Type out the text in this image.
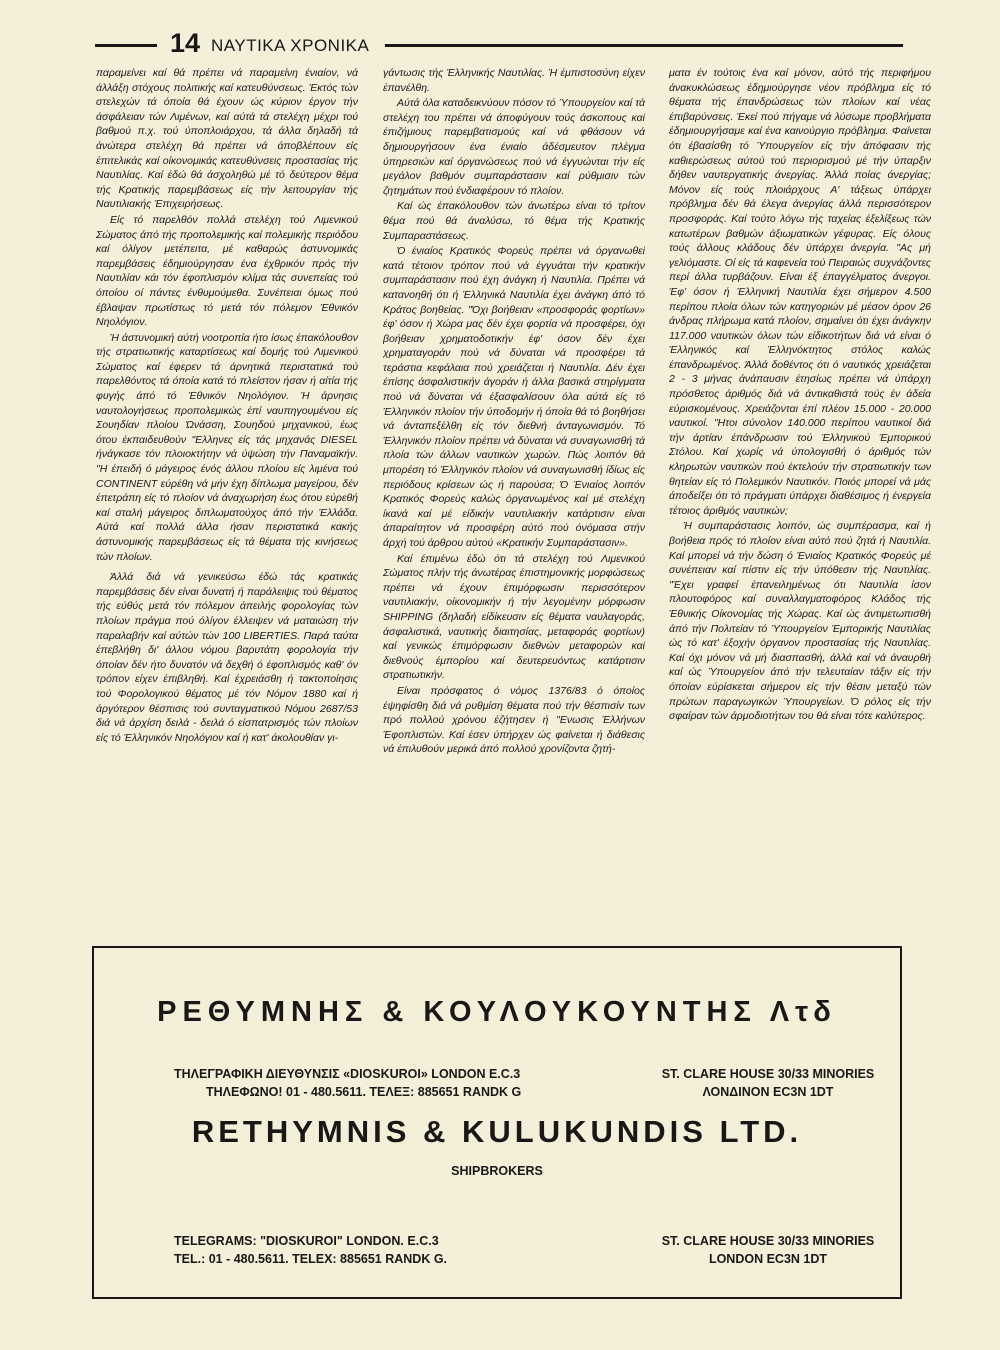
14 ΝΑΥΤΙΚΑ ΧΡΟΝΙΚΑ

παραμείνει καί θά πρέπει νά παραμείνη ένιαίον, νά άλλάξη στόχους πολιτικής καί κατευθύνσεως. Έκτός τών στελεχών τά όποία θά έχουν ώς κύριον έργον τήν άσφάλειαν τών Λιμένων, καί αύτά τά στελέχη μέχρι τού βαθμού π.χ. τού ύποπλοιάρχου, τά άλλα δηλαδή τά άνώτερα στελέχη θά πρέπει νά άποβλέπουν είς έπιτελικάς καί οίκονομικάς κατευθύνσεις προστασίας τής Ναυτιλίας. Καί έδώ θά άσχοληθώ μέ τό δεύτερον θέμα τής Κρατικής παρεμβάσεως είς τήν λειτουργίαν τής Ναυτιλιακής Έπιχειρήσεως.

Είς τό παρελθόν πολλά στελέχη τού Λιμενικού Σώματος άπό τής προπολεμικής καί πολεμικής περιόδου καί όλίγον μετέπειτα, μέ καθαρώς άστυνομικάς παρεμβάσεις έδημιούργησαν ένα έχθρικόν πρός τήν Ναυτιλίαν κάι τόν έφοπλισμόν κλίμα τάς συνεπείας τού όποίου οί πάντες ένθυμούμεθα. Συνέπειαι όμως πού έβλαψαν πρωτίστως τό μετά τόν πόλεμον Έθνικόν Νηολόγιον.

Ή άστυνομική αύτή νοοτροπία ήτο ίσως έπακόλουθον τής στρατιωτικής καταρτίσεως καί δομής τού Λιμενικού Σώματος καί έφερεν τά άρνητικά περιστατικά τού παρελθόντος τά όποία κατά τό πλείστον ήσαν ή αίτία τής φυγής άπό τό Έθνικόν Νηολόγιον. Ή άρνησις ναυτολογήσεως προπολεμικώς έπί ναυπηγουμένου είς Σουηδίαν πλοίου Ώνάσση, Σουηδού μηχανικού, έως ότου έκπαιδευθούν "Ελληνες είς τάς μηχανάς DIESEL ήνάγκασε τόν πλοιοκτήτην νά ύψώση τήν Παναμαϊκήν. "Η έπειδή ό μάγειρος ένός άλλου πλοίου είς λιμένα τού CONTINENT εύρέθη νά μήν έχη δίπλωμα μαγείρου, δέν έπετράπη είς τό πλοίον νά άναχωρήση έως ότου εύρεθή καί σταλή μάγειρος διπλωματούχος άπό τήν Έλλάδα. Αύτά καί πολλά άλλα ήσαν περιστατικά κακής άστυνομικής παρεμβάσεως είς τά θέματα τής κινήσεως τών πλοίων.

Άλλά διά νά γενικεύσω έδώ τάς κρατικάς παρεμβάσεις δέν είναι δυνατή ή παράλειψις τού θέματος τής εύθύς μετά τόν πόλεμον άπειλής φορολογίας τών πλοίων πράγμα πού όλίγον έλλειψεν νά ματαιώση τήν παραλαβήν καί αύτών τών 100 LIBERTIES. Παρά ταύτα έπεβλήθη δι' άλλου νόμου βαρυτάτη φορολογία τήν όποίαν δέν ήτο δυνατόν νά δεχθή ό έφοπλισμός καθ' όν τρόπον είχεν έπιβληθή. Καί έχρειάσθη ή τακτοποίησις τού Φορολογικού θέματος μέ τόν Νόμον 1880 καί ή άργότερον θέσπισις τού συνταγματικού Νόμου 2687/53 διά νά άρχίση δειλά - δειλά ό είσπατρισμός τών πλοίων είς τό Έλληνικόν Νηολόγιον καί ή κατ' άκολουθίαν γι-

γάντωσις τής Έλληνικής Ναυτιλίας. Ή έμπιστοσύνη είχεν έπανέλθη.

Αύτά όλα καταδεικνύουν πόσον τό Ύπουργείον καί τά στελέχη του πρέπει νά άποφύγουν τούς άσκοπους καί έπιζήμιους παρεμβατισμούς καί νά φθάσουν νά δημιουργήσουν ένα ένιαίο άδέσμευτον πλέγμα ύπηρεσιών καί όργανώσεως πού νά έγγυώνται τήν είς μεγάλον βαθμόν συμπαράστασιν καί ρύθμισιν τών ζητημάτων πού ένδιαφέρουν τό πλοίον.

Καί ώς έπακόλουθον τών άνωτέρω είναι τό τρίτον θέμα πού θά άναλύσω, τό θέμα τής Κρατικής Συμπαραστάσεως.

Ό ένιαίος Κρατικός Φορεύς πρέπει νά όργανωθεί κατά τέτοιον τρόπον πού νά έγγυάται τήν κρατικήν συμπαράστασιν πού έχη άνάγκη ή Ναυτιλία. Πρέπει νά κατανοηθή ότι ή Έλληνικά Ναυτιλία έχει άνάγκη άπό τό Κράτος βοηθείας. "Όχι βοήθειαν «προσφοράς φορτίων» έφ' όσον ή Χώρα μας δέν έχει φορτία νά προσφέρει, όχι βοήθειαν χρηματοδοτικήν έφ' όσον δέν έχει χρηματαγοράν πού νά δύναται νά προσφέρει τά τεράστια κεφάλαια πού χρειάζεται ή Ναυτιλία. Δέν έχει έπίσης άσφαλιστικήν άγοράν ή άλλα βασικά στηρίγματα πού νά δύναται νά έξασφαλίσουν όλα αύτά είς τό Έλληνικόν πλοίον τήν ύποδομήν ή όποία θά τό βοηθήσει νά άνταπεξέλθη είς τόν διεθνή άνταγωνισμόν. Τό Έλληνικόν πλοίον πρέπει νά δύναται νά συναγωνισθή τά πλοία τών άλλων ναυτικών χωρών. Πώς λοιπόν θά μπορέση τό Έλληνικόν πλοίον νά συναγωνισθή ίδίως είς περιόδους κρίσεων ώς ή παρούσα; Ό Ένιαίος λοιπόν Κρατικός Φορεύς καλώς όργανωμένος καί μέ στελέχη ίκανά καί μέ είδικήν ναυτιλιακήν κατάρτισιν είναι άπαραίτητον νά προσφέρη αύτό πού όνόμασα στήν άρχή τού άρθρου αύτού «Κρατικήν Συμπαράστασιν».

Καί έπιμένω έδώ ότι τά στελέχη τού Λιμενικού Σώματος πλήν τής άνωτέρας έπιστημονικής μορφώσεως πρέπει νά έχουν έπιμόρφωσιν περισσότερον ναυτιλιακήν, οίκονομικήν ή τήν λεγομένην μόρφωσιν SHIPPING (δηλαδή είδίκευσιν είς θέματα ναυλαγοράς, άσφαλιστικά, ναυτικής διαιτησίας, μεταφοράς φορτίων) καί γενικώς έπιμόρφωσιν διεθνών μεταφορών καί διεθνούς έμπορίου καί δευτερευόντως κατάρτισιν στρατιωτικήν.

Είναι πρόσφατος ό νόμος 1376/83 ό όποίος έψηφίσθη διά νά ρυθμίση θέματα πού τήν θέσπισίν των πρό πολλού χρόνου έζήτησεν ή "Ενωσις Έλλήνων Έφοπλιστών. Καί έσεν ύπήρχεν ώς φαίνεται ή διάθεσις νά έπιλυθούν μερικά άπό πολλού χρονίζοντα ζητή-

ματα έν τούτοις ένα καί μόνον, αύτό τής περιφήμου άνακυκλώσεως έδημιούργησε νέον πρόβλημα είς τό θέματα τής έπανδρώσεως τών πλοίων καί νέας έπιβαρύνσεις. Έκεί πού πήγαμε νά λύσωμε προβλήματα έδημιουργήσαμε καί ένα καινούργιο πρόβλημα. Φαίνεται ότι έβασίσθη τό Ύπουργείον είς τήν άπόφασιν τής καθιερώσεως αύτού τού περιορισμού μέ τήν ύπαρξιν δήθεν ναυτεργατικής άνεργίας. Άλλά ποίας άνεργίας; Μόνον είς τούς πλοιάρχους Α' τάξεως ύπάρχει πρόβλημα δέν θά έλεγα άνεργίας άλλά περισσότερον προσφοράς. Καί τούτο λόγω τής ταχείας έξελίξεως τών κατωτέρων βαθμών άξιωματικών γέφυρας. Είς όλους τούς άλλους κλάδους δέν ύπάρχει άνεργία. "Ας μή γελιόμαστε. Οί είς τά καφενεία τού Πειραιώς συχνάζοντες περί άλλα τυρβάζουν. Είναι έξ έπαγγέλματος άνεργοι. Έφ' όσον ή Έλληνική Ναυτιλία έχει σήμερον 4.500 περίπου πλοία όλων τών κατηγοριών μέ μέσον όρον 26 άνδρας πλήρωμα κατά πλοίον, σημαίνει ότι έχει άνάγκην 117.000 ναυτικών όλων τών είδικοτήτων διά νά είναι ό Έλληνικός καί Έλληνόκτητος στόλος καλώς έπανδρωμένος. Άλλά δοθέντος ότι ό ναυτικός χρειάζεται 2 - 3 μήνας άνάπαυσιν έτησίως πρέπει νά ύπάρχη πρόσθετος άριθμός διά νά άντικαθιστά τούς έν άδεία εύρισκομένους. Χρειάζονται έπί πλέον 15.000 - 20.000 ναυτικοί. "Ητοι σύνολον 140.000 περίπου ναυτικοί διά τήν άρτίαν έπάνδρωσιν τού Έλληνικού Έμπορικού Στόλου. Καί χωρίς νά ύπολογισθή ό άριθμός τών κληρωτών ναυτικών πού έκτελούν τήν στρατιωτικήν των θητείαν είς τό Πολεμικόν Ναυτικόν. Ποιός μπορεί νά μάς άποδείξει ότι τό πράγματι ύπάρχει διαθέσιμος ή ένεργεία τέτοιος άριθμός ναυτικών;

Ή συμπαράστασις λοιπόν, ώς συμπέρασμα, καί ή βοήθεια πρός τό πλοίον είναι αύτό πού ζητά ή Ναυτιλία. Καί μπορεί νά τήν δώση ό Ένιαίος Κρατικός Φορεύς μέ συνέπειαν καί πίστιν είς τήν ύπόθεσιν τής Ναυτιλίας. "Έχει γραφεί έπανειλημένως ότι Ναυτιλία ίσον πλουτοφόρος καί συναλλαγματοφόρος Κλάδος τής Έθνικής Οίκονομίας τής Χώρας. Καί ώς άντιμετωπισθή άπό τήν Πολιτείαν τό Ύπουργείον Έμπορικής Ναυτιλίας ώς τό κατ' έξοχήν όργανον προστασίας τής Ναυτιλίας. Καί όχι μόνον νά μή διασπασθή, άλλά καί νά άναυρθή καί ώς Ύπουργείον άπό τήν τελευταίαν τάξιν είς τήν όποίαν εύρίσκεται σήμερον είς τήν θέσιν μεταξύ τών πρώτων παραγωγικών Ύπουργείων. Ό ρόλος είς τήν σφαίραν τών άρμοδιοτήτων του θά είναι τότε καλύτερος.

ΡΕΘΥΜΝΗΣ & ΚΟΥΛΟΥΚΟΥΝΤΗΣ Λτδ
ΤΗΛΕΓΡΑΦΙΚΗ ΔΙΕΥΘΥΝΣΙΣ «DIOSKUROI» LONDON E.C.3
ΤΗΛΕΦΩΝΟ! 01 - 480.5611. ΤΕΛΕΞ: 885651 RANDK G
ST. CLARE HOUSE 30/33 MINORIES
ΛΟΝΔΙΝΟΝ EC3N 1DT
RETHYMNIS & KULUKUNDIS LTD.
SHIPBROKERS
TELEGRAMS: "DIOSKUROI" LONDON. E.C.3
TEL.: 01 - 480.5611. TELEX: 885651 RANDK G.
ST. CLARE HOUSE 30/33 MINORIES
LONDON EC3N 1DT
